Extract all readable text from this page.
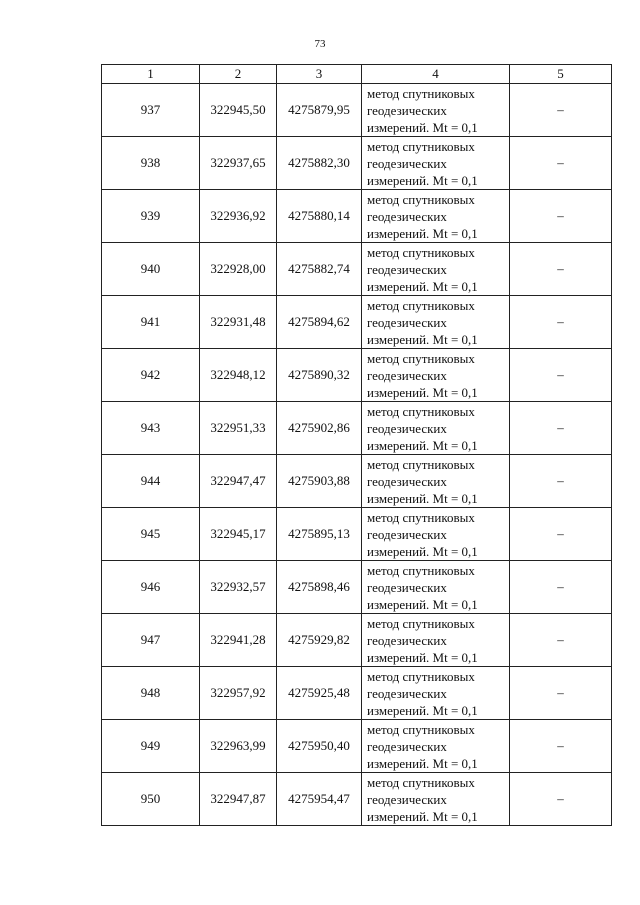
73
1	2	3	4	5
937	322945,50	4275879,95	метод спутниковых геодезических измерений. Mt = 0,1	–
938	322937,65	4275882,30	метод спутниковых геодезических измерений. Mt = 0,1	–
939	322936,92	4275880,14	метод спутниковых геодезических измерений. Mt = 0,1	–
940	322928,00	4275882,74	метод спутниковых геодезических измерений. Mt = 0,1	–
941	322931,48	4275894,62	метод спутниковых геодезических измерений. Mt = 0,1	–
942	322948,12	4275890,32	метод спутниковых геодезических измерений. Mt = 0,1	–
943	322951,33	4275902,86	метод спутниковых геодезических измерений. Mt = 0,1	–
944	322947,47	4275903,88	метод спутниковых геодезических измерений. Mt = 0,1	–
945	322945,17	4275895,13	метод спутниковых геодезических измерений. Mt = 0,1	–
946	322932,57	4275898,46	метод спутниковых геодезических измерений. Mt = 0,1	–
947	322941,28	4275929,82	метод спутниковых геодезических измерений. Mt = 0,1	–
948	322957,92	4275925,48	метод спутниковых геодезических измерений. Mt = 0,1	–
949	322963,99	4275950,40	метод спутниковых геодезических измерений. Mt = 0,1	–
950	322947,87	4275954,47	метод спутниковых геодезических измерений. Mt = 0,1	–
